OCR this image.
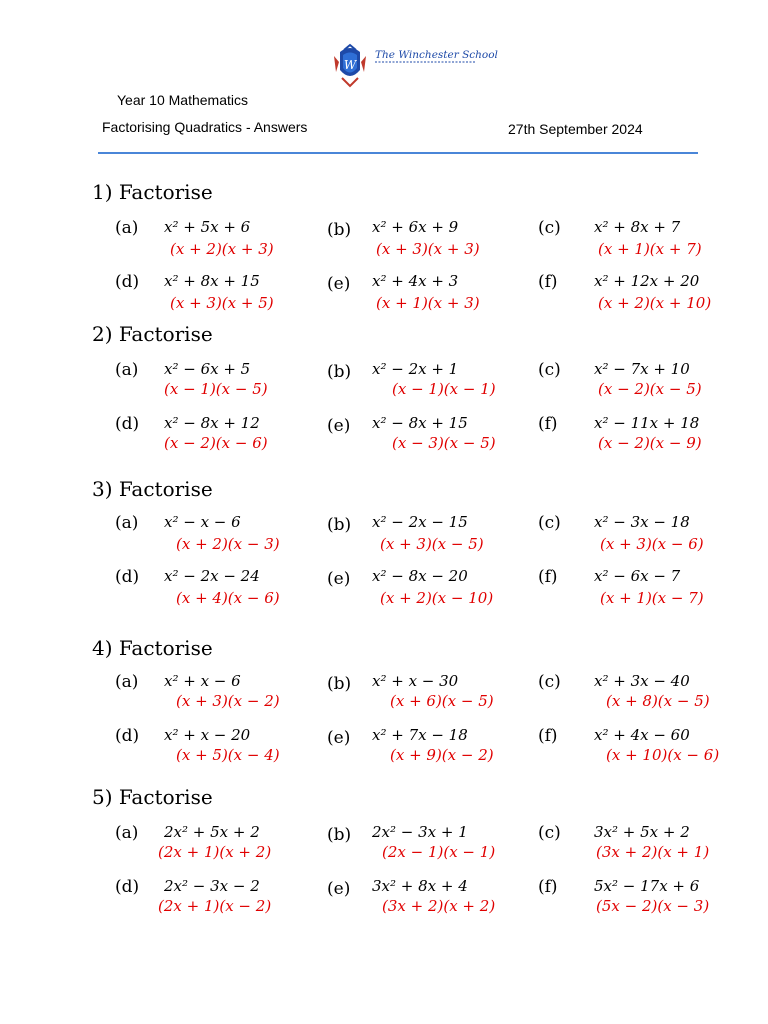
W
The Winchester School
Year 10 Mathematics
Factorising Quadratics - Answers	27th September 2024
1) Factorise
(a) x² + 5x + 6
(x + 2)(x + 3)
(b) x² + 6x + 9
(x + 3)(x + 3)
(c) x² + 8x + 7
(x + 1)(x + 7)
(d) x² + 8x + 15
(x + 3)(x + 5)
(e) x² + 4x + 3
(x + 1)(x + 3)
(f) x² + 12x + 20
(x + 2)(x + 10)
2) Factorise
(a) x² − 6x + 5
(x − 1)(x − 5)
(b) x² − 2x + 1
(x − 1)(x − 1)
(c) x² − 7x + 10
(x − 2)(x − 5)
(d) x² − 8x + 12
(x − 2)(x − 6)
(e) x² − 8x + 15
(x − 3)(x − 5)
(f) x² − 11x + 18
(x − 2)(x − 9)
3) Factorise
(a) x² − x − 6
(x + 2)(x − 3)
(b) x² − 2x − 15
(x + 3)(x − 5)
(c) x² − 3x − 18
(x + 3)(x − 6)
(d) x² − 2x − 24
(x + 4)(x − 6)
(e) x² − 8x − 20
(x + 2)(x − 10)
(f) x² − 6x − 7
(x + 1)(x − 7)
4) Factorise
(a) x² + x − 6
(x + 3)(x − 2)
(b) x² + x − 30
(x + 6)(x − 5)
(c) x² + 3x − 40
(x + 8)(x − 5)
(d) x² + x − 20
(x + 5)(x − 4)
(e) x² + 7x − 18
(x + 9)(x − 2)
(f) x² + 4x − 60
(x + 10)(x − 6)
5) Factorise
(a) 2x² + 5x + 2
(2x + 1)(x + 2)
(b) 2x² − 3x + 1
(2x − 1)(x − 1)
(c) 3x² + 5x + 2
(3x + 2)(x + 1)
(d) 2x² − 3x − 2
(2x + 1)(x − 2)
(e) 3x² + 8x + 4
(3x + 2)(x + 2)
(f) 5x² − 17x + 6
(5x − 2)(x − 3)
